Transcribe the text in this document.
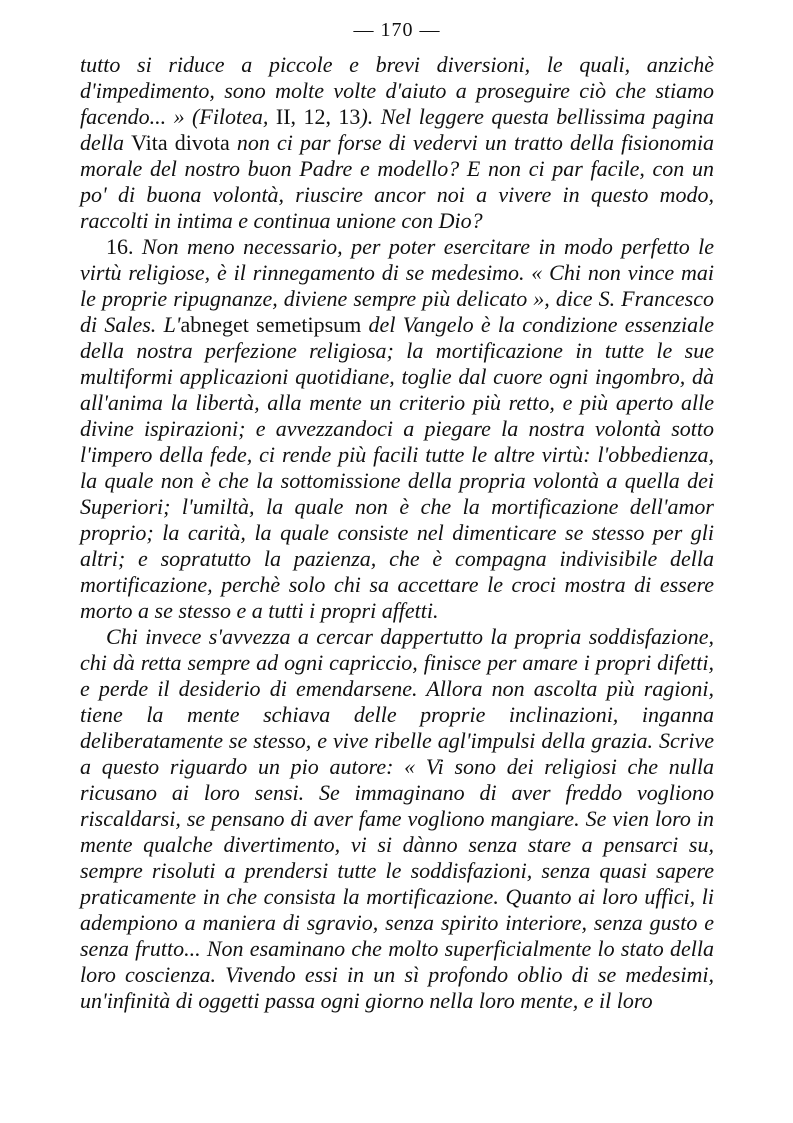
— 170 —

tutto si riduce a piccole e brevi diversioni, le quali, anzichè d'impedimento, sono molte volte d'aiuto a proseguire ciò che stiamo facendo... » (Filotea, II, 12, 13). Nel leggere questa bellissima pagina della Vita divota non ci par forse di vedervi un tratto della fisionomia morale del nostro buon Padre e modello? E non ci par facile, con un po' di buona volontà, riuscire ancor noi a vivere in questo modo, raccolti in intima e continua unione con Dio?

16. Non meno necessario, per poter esercitare in modo perfetto le virtù religiose, è il rinnegamento di se medesimo. « Chi non vince mai le proprie ripugnanze, diviene sempre più delicato », dice S. Francesco di Sales. L'abneget semetipsum del Vangelo è la condizione essenziale della nostra perfezione religiosa; la mortificazione in tutte le sue multiformi applicazioni quotidiane, toglie dal cuore ogni ingombro, dà all'anima la libertà, alla mente un criterio più retto, e più aperto alle divine ispirazioni; e avvezzandoci a piegare la nostra volontà sotto l'impero della fede, ci rende più facili tutte le altre virtù: l'obbedienza, la quale non è che la sottomissione della propria volontà a quella dei Superiori; l'umiltà, la quale non è che la mortificazione dell'amor proprio; la carità, la quale consiste nel dimenticare se stesso per gli altri; e sopratutto la pazienza, che è compagna indivisibile della mortificazione, perchè solo chi sa accettare le croci mostra di essere morto a se stesso e a tutti i propri affetti.

Chi invece s'avvezza a cercar dappertutto la propria soddisfazione, chi dà retta sempre ad ogni capriccio, finisce per amare i propri difetti, e perde il desiderio di emendarsene. Allora non ascolta più ragioni, tiene la mente schiava delle proprie inclinazioni, inganna deliberatamente se stesso, e vive ribelle agl'impulsi della grazia. Scrive a questo riguardo un pio autore: « Vi sono dei religiosi che nulla ricusano ai loro sensi. Se immaginano di aver freddo vogliono riscaldarsi, se pensano di aver fame vogliono mangiare. Se vien loro in mente qualche divertimento, vi si dànno senza stare a pensarci su, sempre risoluti a prendersi tutte le soddisfazioni, senza quasi sapere praticamente in che consista la mortificazione. Quanto ai loro uffici, li adempiono a maniera di sgravio, senza spirito interiore, senza gusto e senza frutto... Non esaminano che molto superficialmente lo stato della loro coscienza. Vivendo essi in un sì profondo oblio di se medesimi, un'infinità di oggetti passa ogni giorno nella loro mente, e il loro
